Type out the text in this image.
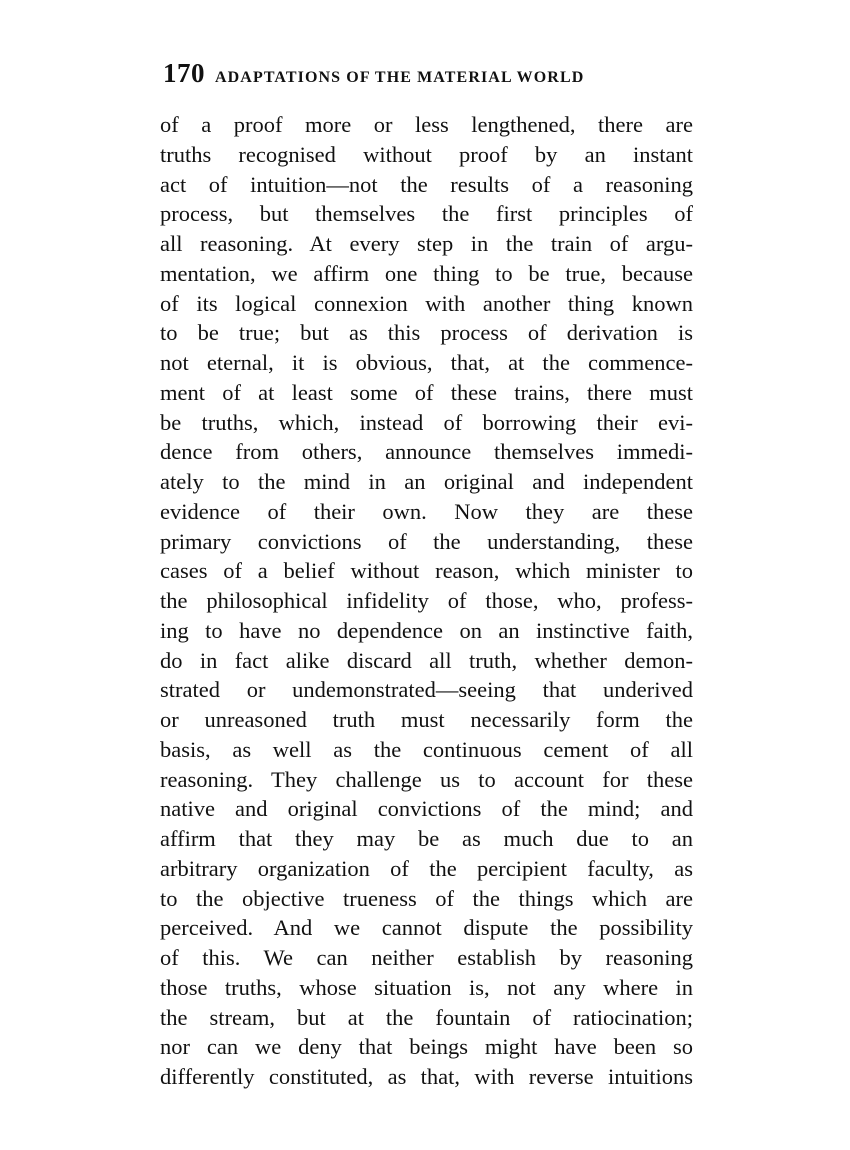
170 ADAPTATIONS OF THE MATERIAL WORLD
of a proof more or less lengthened, there are
truths recognised without proof by an instant
act of intuition—not the results of a reasoning
process, but themselves the first principles of
all reasoning. At every step in the train of argu-
mentation, we affirm one thing to be true, because
of its logical connexion with another thing known
to be true; but as this process of derivation is
not eternal, it is obvious, that, at the commence-
ment of at least some of these trains, there must
be truths, which, instead of borrowing their evi-
dence from others, announce themselves immedi-
ately to the mind in an original and independent
evidence of their own. Now they are these
primary convictions of the understanding, these
cases of a belief without reason, which minister to
the philosophical infidelity of those, who, profess-
ing to have no dependence on an instinctive faith,
do in fact alike discard all truth, whether demon-
strated or undemonstrated—seeing that underived
or unreasoned truth must necessarily form the
basis, as well as the continuous cement of all
reasoning. They challenge us to account for these
native and original convictions of the mind; and
affirm that they may be as much due to an
arbitrary organization of the percipient faculty, as
to the objective trueness of the things which are
perceived. And we cannot dispute the possibility
of this. We can neither establish by reasoning
those truths, whose situation is, not any where in
the stream, but at the fountain of ratiocination;
nor can we deny that beings might have been so
differently constituted, as that, with reverse intuitions
